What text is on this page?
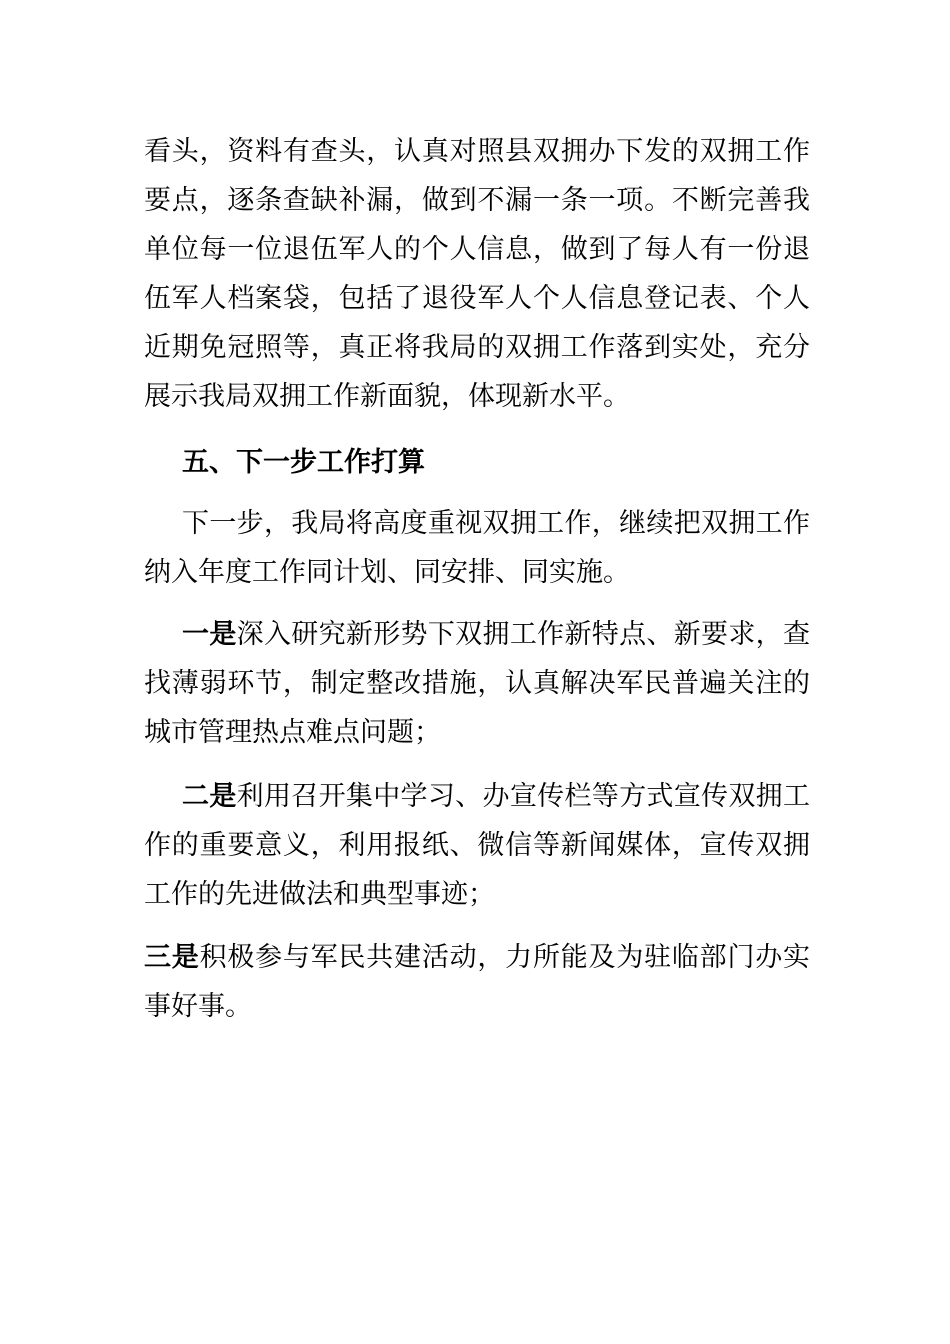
看头，资料有查头，认真对照县双拥办下发的双拥工作要点，逐条查缺补漏，做到不漏一条一项。不断完善我单位每一位退伍军人的个人信息，做到了每人有一份退伍军人档案袋，包括了退役军人个人信息登记表、个人近期免冠照等，真正将我局的双拥工作落到实处，充分展示我局双拥工作新面貌，体现新水平。

五、下一步工作打算

下一步，我局将高度重视双拥工作，继续把双拥工作纳入年度工作同计划、同安排、同实施。

一是深入研究新形势下双拥工作新特点、新要求，查找薄弱环节，制定整改措施，认真解决军民普遍关注的城市管理热点难点问题；

二是利用召开集中学习、办宣传栏等方式宣传双拥工作的重要意义，利用报纸、微信等新闻媒体，宣传双拥工作的先进做法和典型事迹；

三是积极参与军民共建活动，力所能及为驻临部门办实事好事。
